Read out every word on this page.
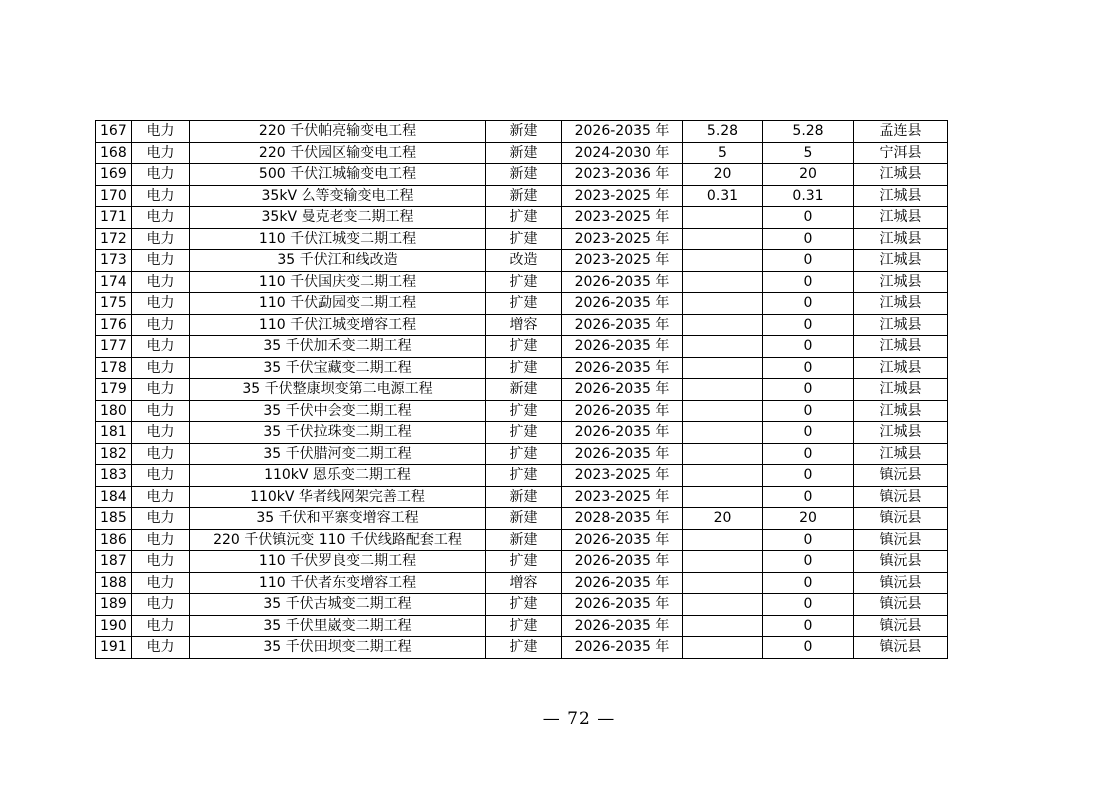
167	电力	220 千伏帕亮输变电工程	新建	2026-2035 年	5.28	5.28	孟连县
168	电力	220 千伏园区输变电工程	新建	2024-2030 年	5	5	宁洱县
169	电力	500 千伏江城输变电工程	新建	2023-2036 年	20	20	江城县
170	电力	35kV 么等变输变电工程	新建	2023-2025 年	0.31	0.31	江城县
171	电力	35kV 曼克老变二期工程	扩建	2023-2025 年		0	江城县
172	电力	110 千伏江城变二期工程	扩建	2023-2025 年		0	江城县
173	电力	35 千伏江和线改造	改造	2023-2025 年		0	江城县
174	电力	110 千伏国庆变二期工程	扩建	2026-2035 年		0	江城县
175	电力	110 千伏勐园变二期工程	扩建	2026-2035 年		0	江城县
176	电力	110 千伏江城变增容工程	增容	2026-2035 年		0	江城县
177	电力	35 千伏加禾变二期工程	扩建	2026-2035 年		0	江城县
178	电力	35 千伏宝藏变二期工程	扩建	2026-2035 年		0	江城县
179	电力	35 千伏整康坝变第二电源工程	新建	2026-2035 年		0	江城县
180	电力	35 千伏中会变二期工程	扩建	2026-2035 年		0	江城县
181	电力	35 千伏拉珠变二期工程	扩建	2026-2035 年		0	江城县
182	电力	35 千伏腊河变二期工程	扩建	2026-2035 年		0	江城县
183	电力	110kV 恩乐变二期工程	扩建	2023-2025 年		0	镇沅县
184	电力	110kV 华者线网架完善工程	新建	2023-2025 年		0	镇沅县
185	电力	35 千伏和平寨变增容工程	新建	2028-2035 年	20	20	镇沅县
186	电力	220 千伏镇沅变 110 千伏线路配套工程	新建	2026-2035 年		0	镇沅县
187	电力	110 千伏罗良变二期工程	扩建	2026-2035 年		0	镇沅县
188	电力	110 千伏者东变增容工程	增容	2026-2035 年		0	镇沅县
189	电力	35 千伏古城变二期工程	扩建	2026-2035 年		0	镇沅县
190	电力	35 千伏里崴变二期工程	扩建	2026-2035 年		0	镇沅县
191	电力	35 千伏田坝变二期工程	扩建	2026-2035 年		0	镇沅县
— 72 —
